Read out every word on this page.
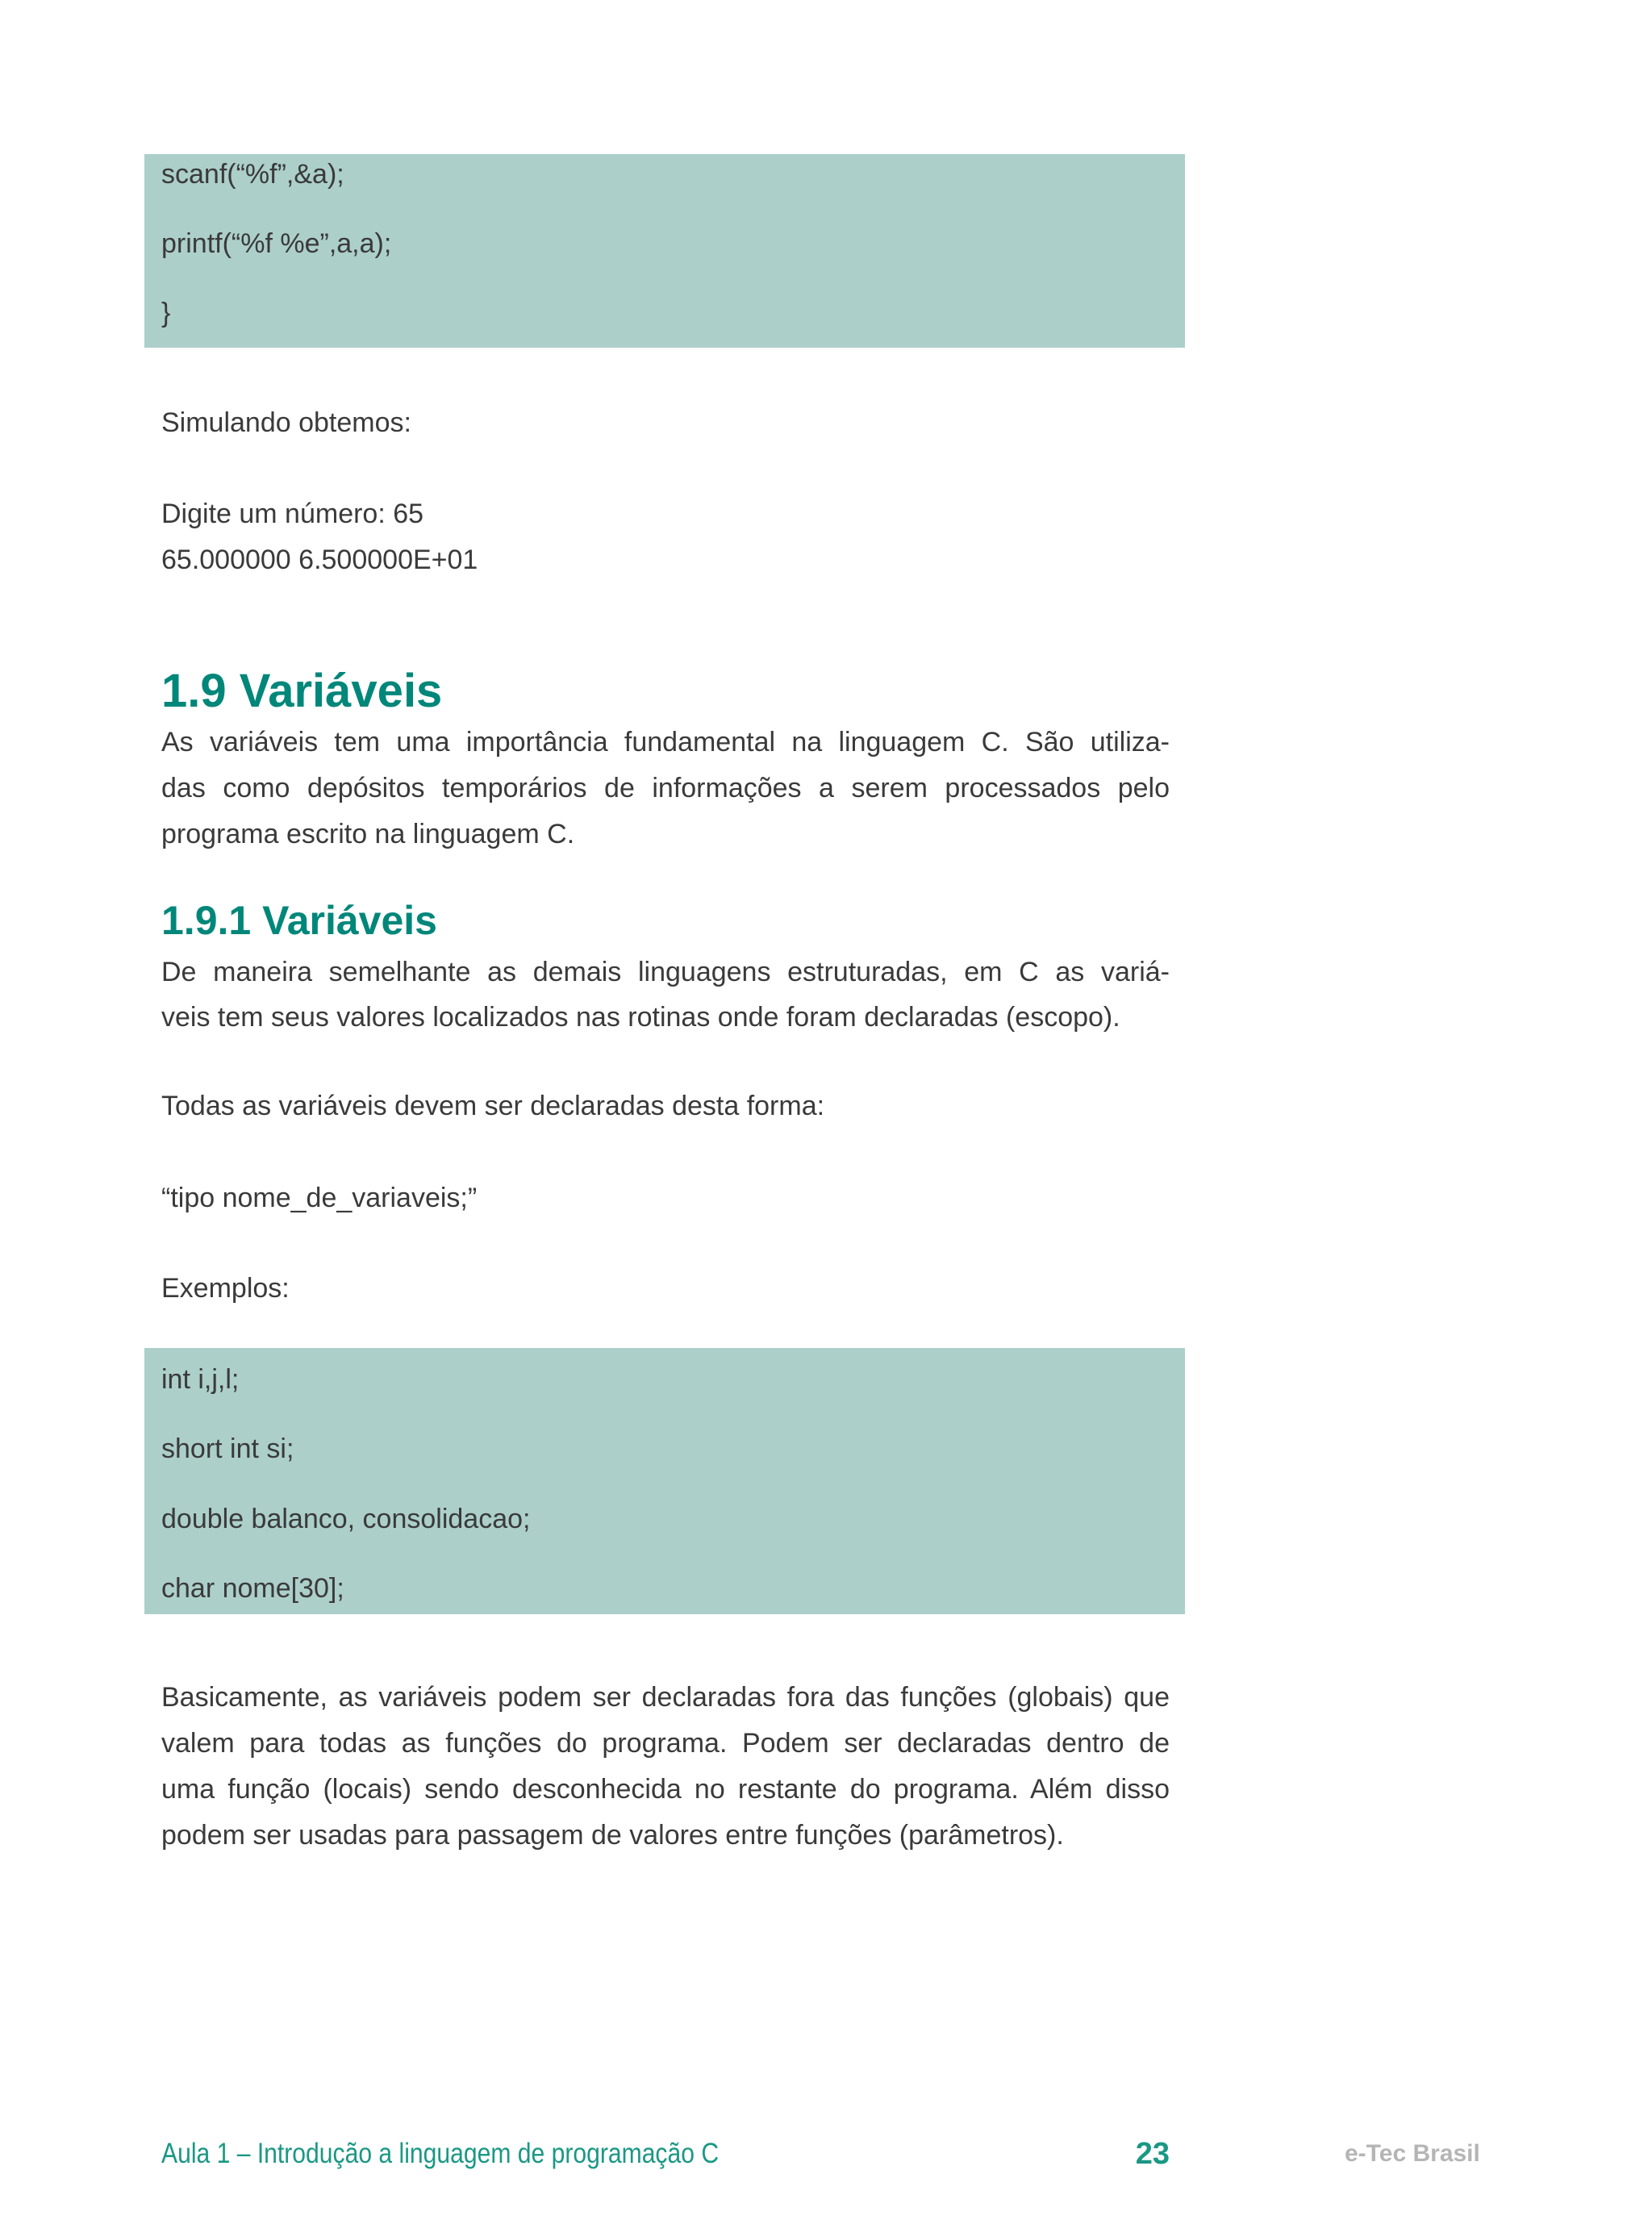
scanf(“%f”,&a);
printf(“%f %e”,a,a);
}
Simulando obtemos:
Digite um número: 65
65.000000 6.500000E+01
1.9 Variáveis
As variáveis tem uma importância fundamental na linguagem C. São utiliza-
das como depósitos temporários de informações a serem processados pelo
programa escrito na linguagem C.
1.9.1 Variáveis
De maneira semelhante as demais linguagens estruturadas, em C as variá-
veis tem seus valores localizados nas rotinas onde foram declaradas (escopo).
Todas as variáveis devem ser declaradas desta forma:
“tipo nome_de_variaveis;”
Exemplos:
int i,j,l;
short int si;
double balanco, consolidacao;
char nome[30];
Basicamente, as variáveis podem ser declaradas fora das funções (globais) que
valem para todas as funções do programa. Podem ser declaradas dentro de
uma função (locais) sendo desconhecida no restante do programa. Além disso
podem ser usadas para passagem de valores entre funções (parâmetros).
Aula 1 – Introdução a linguagem de programação C	23	e-Tec Brasil
